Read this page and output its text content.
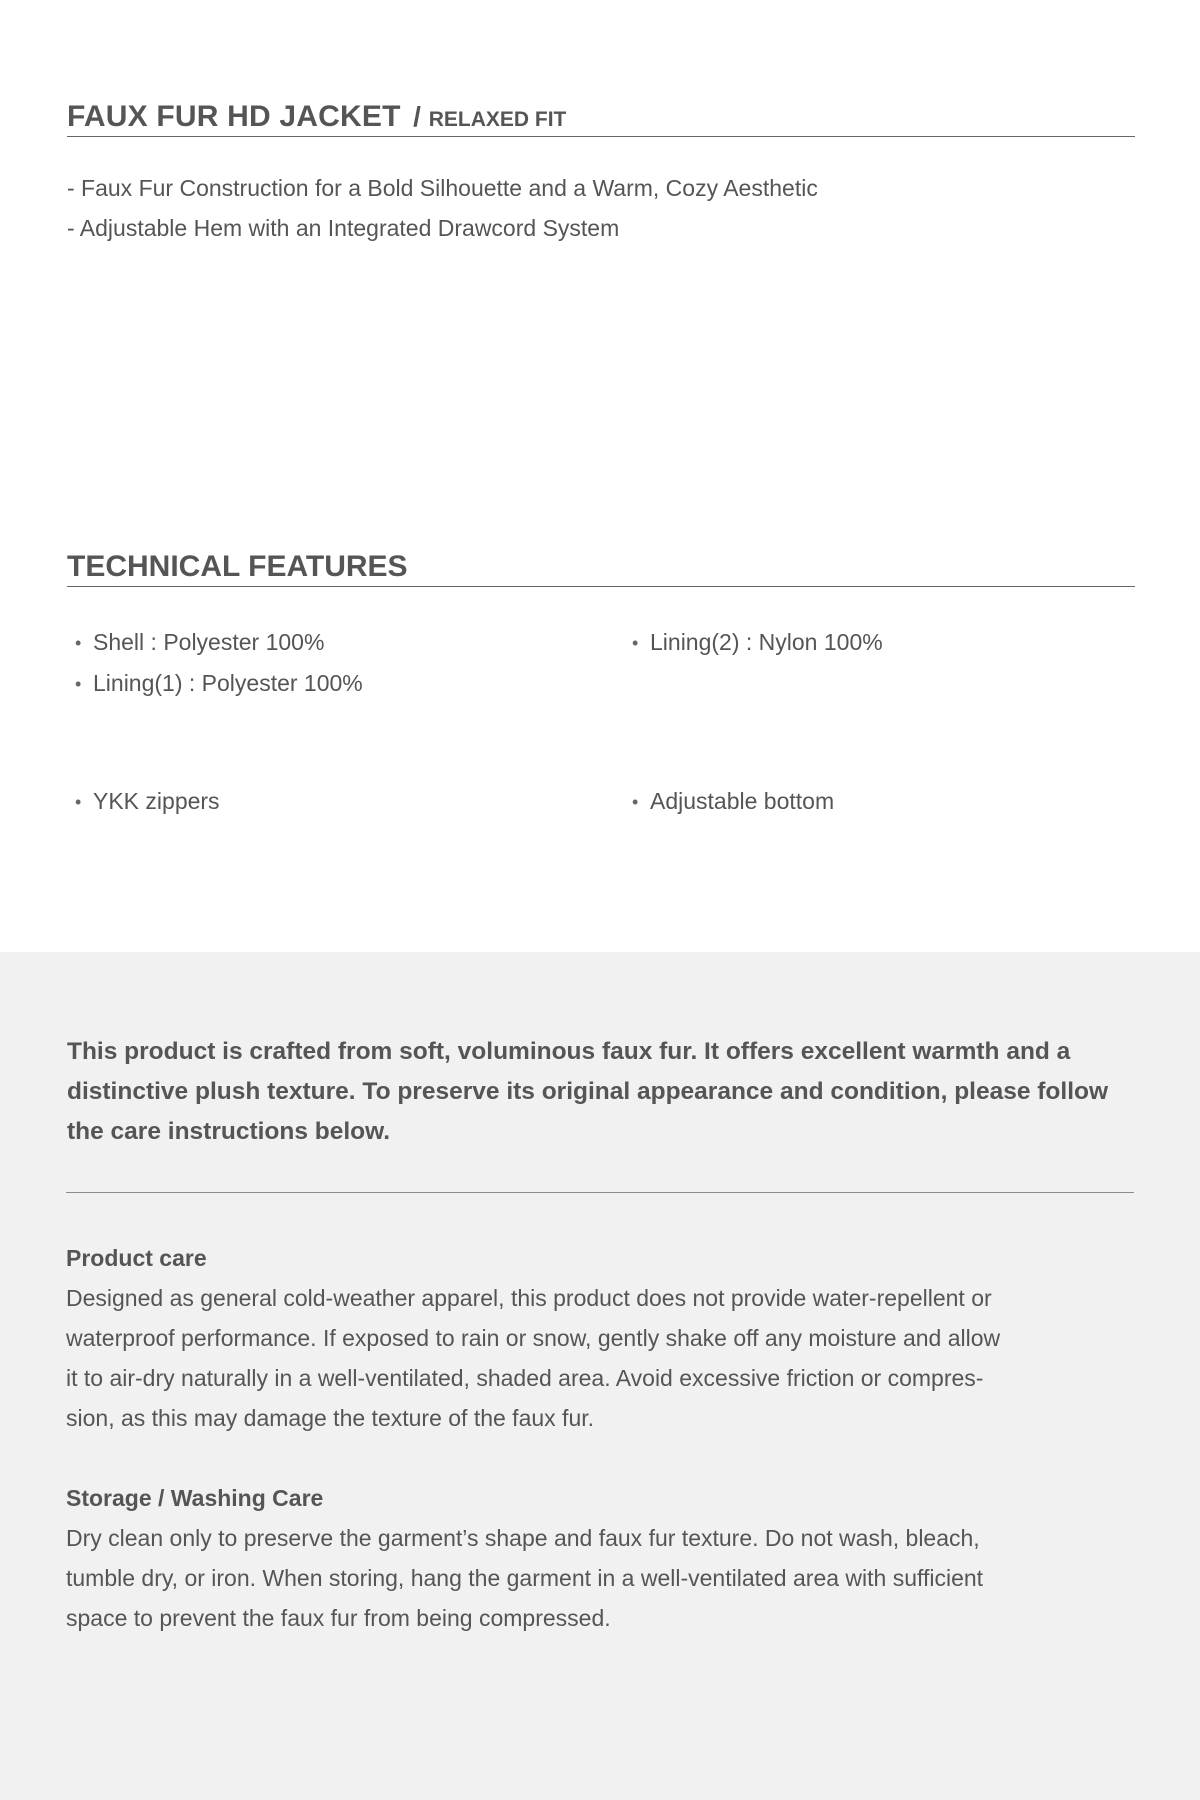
FAUX FUR HD JACKET / RELAXED FIT
- Faux Fur Construction for a Bold Silhouette and a Warm, Cozy Aesthetic
- Adjustable Hem with an Integrated Drawcord System
TECHNICAL FEATURES
• Shell : Polyester 100%
• Lining(1) : Polyester 100%
• Lining(2) : Nylon 100%
• YKK zippers	• Adjustable bottom

This product is crafted from soft, voluminous faux fur. It offers excellent warmth and a distinctive plush texture. To preserve its original appearance and condition, please follow the care instructions below.

Product care

Designed as general cold-weather apparel, this product does not provide water-repellent or
waterproof performance. If exposed to rain or snow, gently shake off any moisture and allow
it to air-dry naturally in a well-ventilated, shaded area. Avoid excessive friction or compres-
sion, as this may damage the texture of the faux fur.

Storage / Washing Care

Dry clean only to preserve the garment’s shape and faux fur texture. Do not wash, bleach,
tumble dry, or iron. When storing, hang the garment in a well-ventilated area with sufficient
space to prevent the faux fur from being compressed.
